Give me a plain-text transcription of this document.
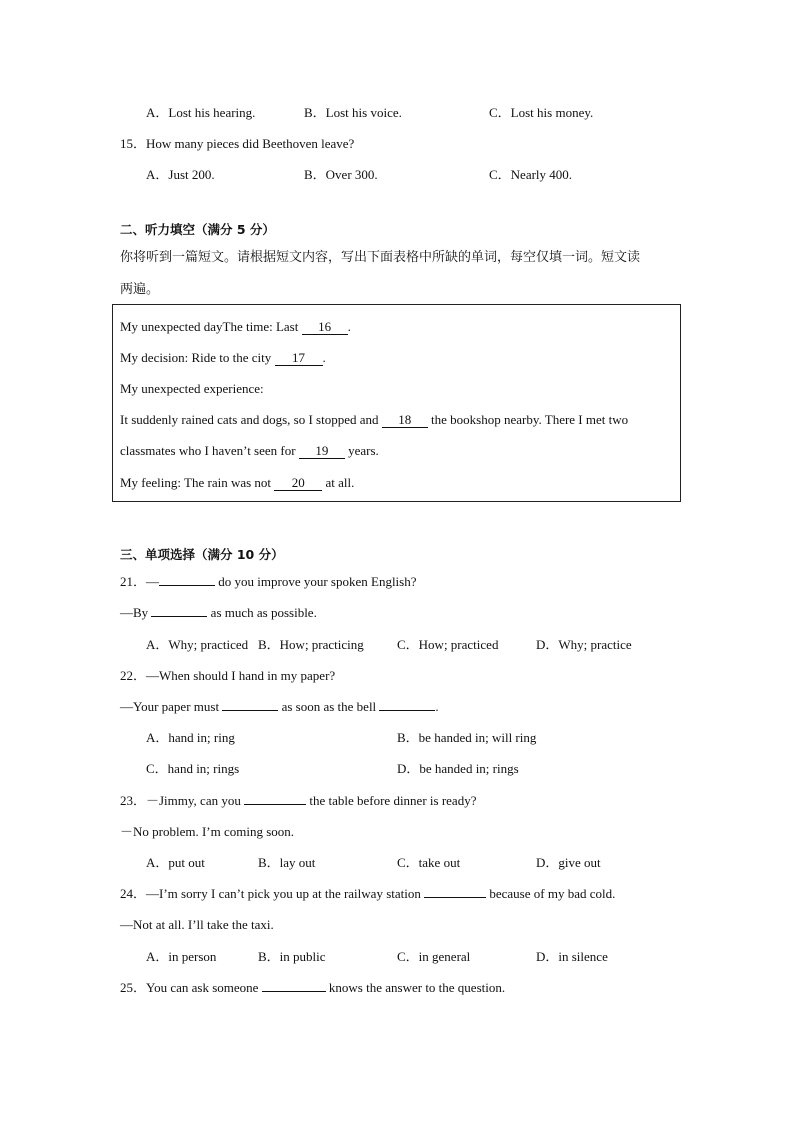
A．Lost his hearing.	B．Lost his voice.	C．Lost his money.
15．How many pieces did Beethoven leave?
A．Just 200.	B．Over 300.	C．Nearly 400.
二、听力填空（满分 5 分）
你将听到一篇短文。请根据短文内容，写出下面表格中所缺的单词，每空仅填一词。短文读
两遍。
My unexpected dayThe time: Last 16 .
My decision: Ride to the city 17 .
My unexpected experience:
It suddenly rained cats and dogs, so I stopped and 18 the bookshop nearby. There I met two
classmates who I haven’t seen for 19 years.
My feeling: The rain was not 20 at all.
三、单项选择（满分 10 分）
21．—	do you improve your spoken English?
—By	as much as possible.
A．Why; practiced B．How; practicing	C．How; practiced	D．Why; practice
22．—When should I hand in my paper?
—Your paper must	as soon as the bell	.
A．hand in; ring	B．be handed in; will ring
C．hand in; rings	D．be handed in; rings
23．－Jimmy, can you	the table before dinner is ready?
－No problem. I’m coming soon.
A．put out	B．lay out	C．take out	D．give out
24．—I’m sorry I can’t pick you up at the railway station	because of my bad cold.
—Not at all. I’ll take the taxi.
A．in person	B．in public	C．in general	D．in silence
25．You can ask someone	knows the answer to the question.
